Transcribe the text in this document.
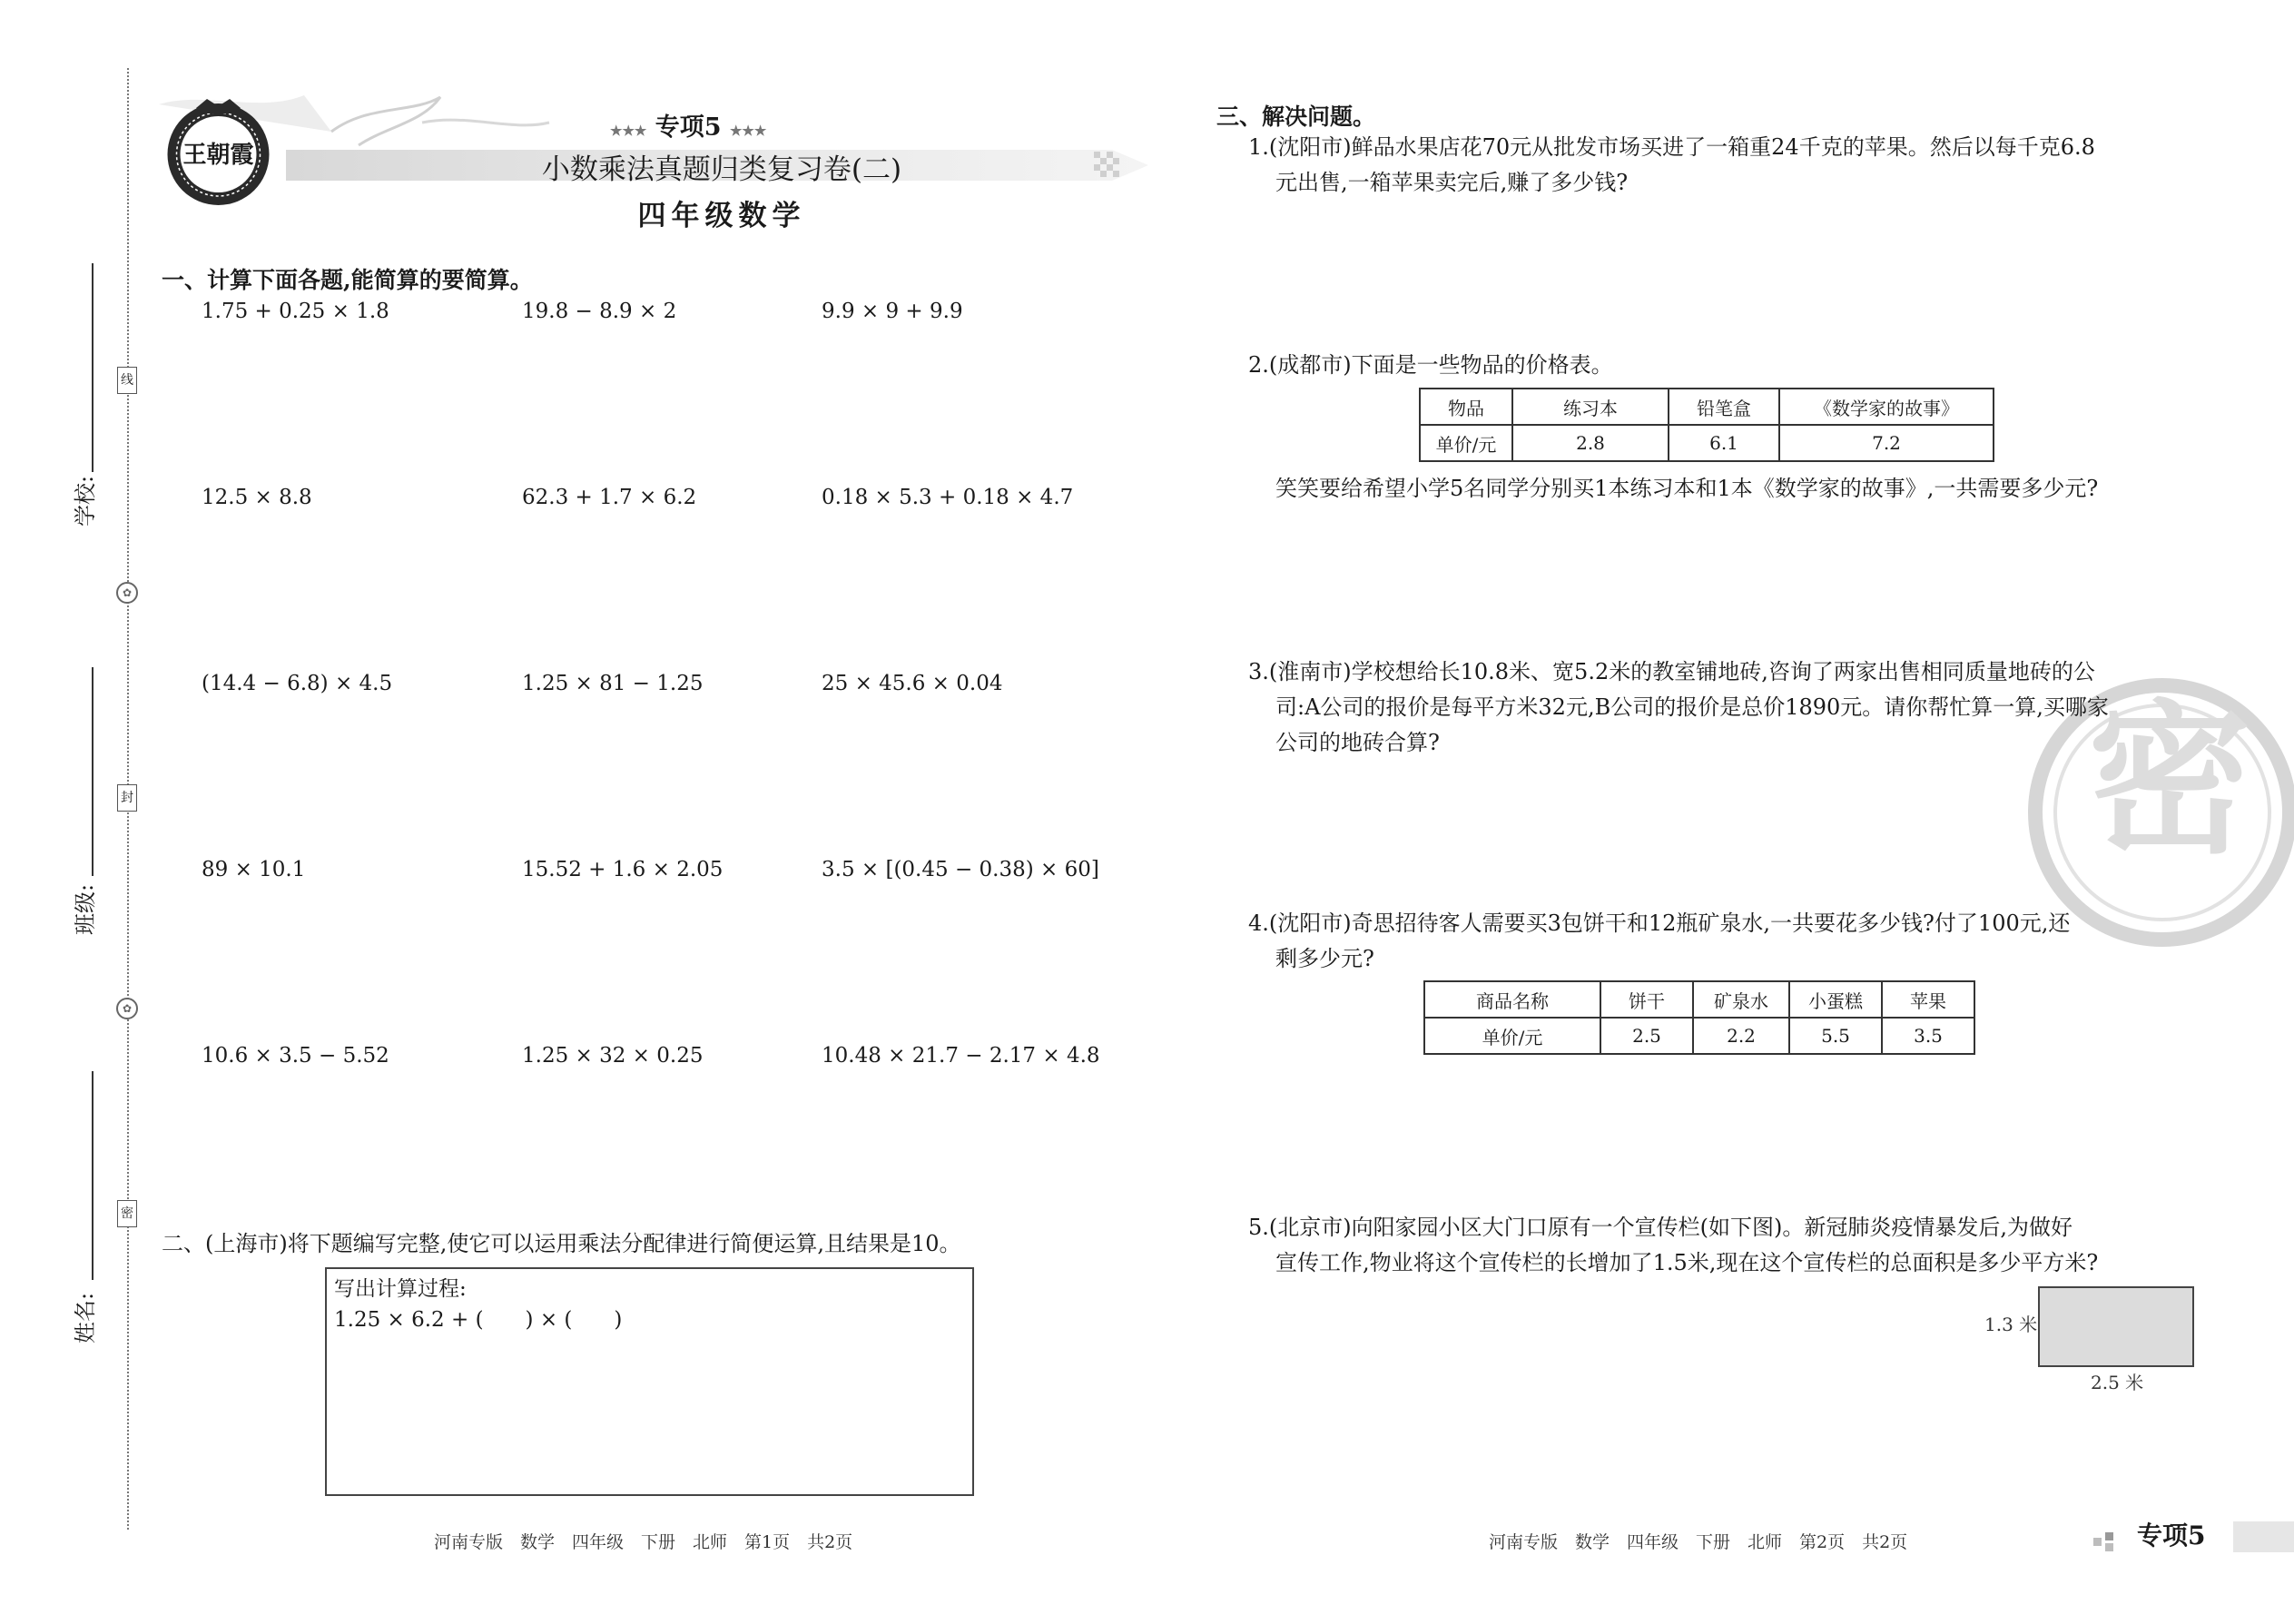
学校:
班级:
姓名:
线
✿
封
✿
密
王朝霞
★★★ 专项5 ★★★
小数乘法真题归类复习卷(二)
四年级数学
一、计算下面各题,能简算的要简算。
1.75 + 0.25 × 1.8	19.8 − 8.9 × 2	9.9 × 9 + 9.9
12.5 × 8.8	62.3 + 1.7 × 6.2	0.18 × 5.3 + 0.18 × 4.7
(14.4 − 6.8) × 4.5	1.25 × 81 − 1.25	25 × 45.6 × 0.04
89 × 10.1	15.52 + 1.6 × 2.05	3.5 × [(0.45 − 0.38) × 60]
10.6 × 3.5 − 5.52	1.25 × 32 × 0.25	10.48 × 21.7 − 2.17 × 4.8
二、(上海市)将下题编写完整,使它可以运用乘法分配律进行简便运算,且结果是10。
写出计算过程:
1.25 × 6.2 + (　　) × (　　)
河南专版　数学　四年级　下册　北师　第1页　共2页	河南专版　数学　四年级　下册　北师　第2页　共2页	专项5
密
三、解决问题。
1.(沈阳市)鲜品水果店花70元从批发市场买进了一箱重24千克的苹果。然后以每千克6.8
元出售,一箱苹果卖完后,赚了多少钱?
2.(成都市)下面是一些物品的价格表。
物品	练习本	铅笔盒	《数学家的故事》
单价/元	2.8	6.1	7.2
笑笑要给希望小学5名同学分别买1本练习本和1本《数学家的故事》,一共需要多少元?
3.(淮南市)学校想给长10.8米、宽5.2米的教室铺地砖,咨询了两家出售相同质量地砖的公
司:A公司的报价是每平方米32元,B公司的报价是总价1890元。请你帮忙算一算,买哪家
公司的地砖合算?
4.(沈阳市)奇思招待客人需要买3包饼干和12瓶矿泉水,一共要花多少钱?付了100元,还
剩多少元?
商品名称	饼干	矿泉水	小蛋糕	苹果
单价/元	2.5	2.2	5.5	3.5
5.(北京市)向阳家园小区大门口原有一个宣传栏(如下图)。新冠肺炎疫情暴发后,为做好
宣传工作,物业将这个宣传栏的长增加了1.5米,现在这个宣传栏的总面积是多少平方米?
1.3 米
2.5 米
